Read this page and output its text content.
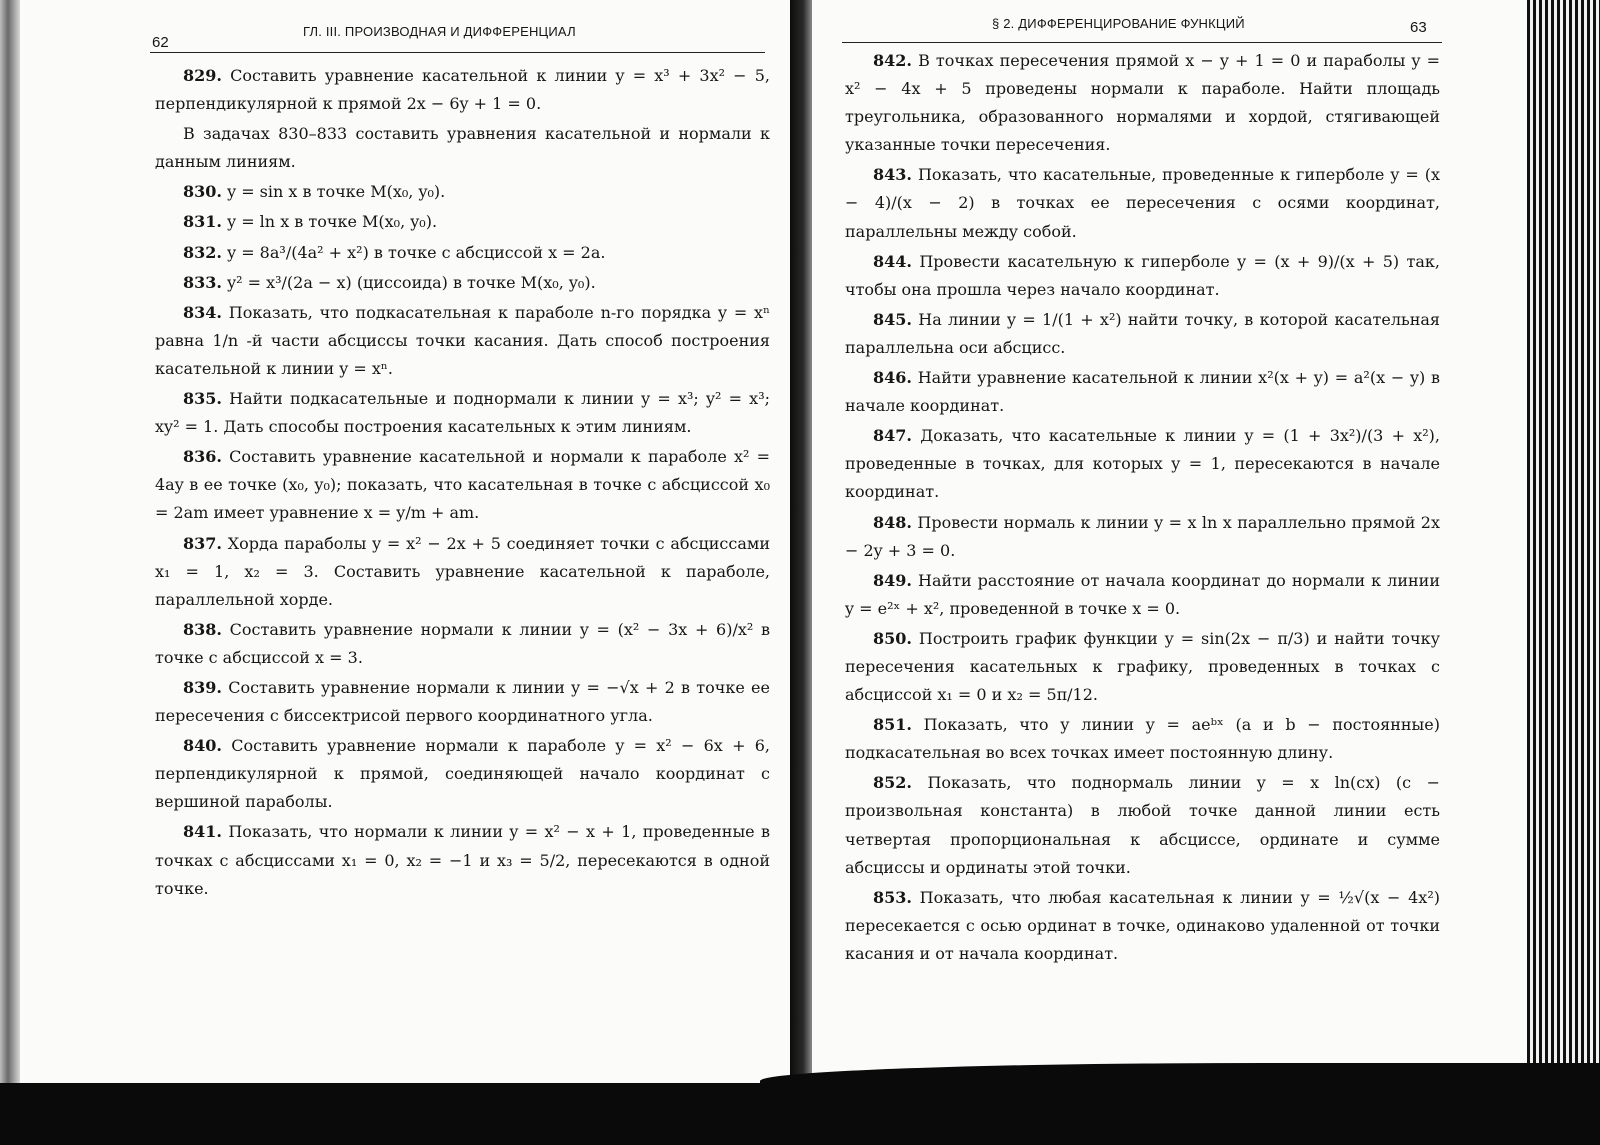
62
ГЛ. III. ПРОИЗВОДНАЯ И ДИФФЕРЕНЦИАЛ

829. Составить уравнение касательной к линии y = x³ + 3x² − 5, перпендикулярной к прямой 2x − 6y + 1 = 0.

В задачах 830–833 составить уравнения касательной и нормали к данным линиям.

830. y = sin x в точке M(x₀, y₀).

831. y = ln x в точке M(x₀, y₀).

832. y = 8a³/(4a² + x²) в точке с абсциссой x = 2a.

833. y² = x³/(2a − x) (циссоида) в точке M(x₀, y₀).

834. Показать, что подкасательная к параболе n-го порядка y = xⁿ равна 1/n -й части абсциссы точки касания. Дать способ построения касательной к линии y = xⁿ.

835. Найти подкасательные и поднормали к линии y = x³; y² = x³; xy² = 1. Дать способы построения касательных к этим линиям.

836. Составить уравнение касательной и нормали к параболе x² = 4ay в ее точке (x₀, y₀); показать, что касательная в точке с абсциссой x₀ = 2am имеет уравнение x = y/m + am.

837. Хорда параболы y = x² − 2x + 5 соединяет точки с абсциссами x₁ = 1, x₂ = 3. Составить уравнение касательной к параболе, параллельной хорде.

838. Составить уравнение нормали к линии y = (x² − 3x + 6)/x² в точке с абсциссой x = 3.

839. Составить уравнение нормали к линии y = −√x + 2 в точке ее пересечения с биссектрисой первого координатного угла.

840. Составить уравнение нормали к параболе y = x² − 6x + 6, перпендикулярной к прямой, соединяющей начало координат с вершиной параболы.

841. Показать, что нормали к линии y = x² − x + 1, проведенные в точках с абсциссами x₁ = 0, x₂ = −1 и x₃ = 5/2, пересекаются в одной точке.

§ 2. ДИФФЕРЕНЦИРОВАНИЕ ФУНКЦИЙ	63

842. В точках пересечения прямой x − y + 1 = 0 и параболы y = x² − 4x + 5 проведены нормали к параболе. Найти площадь треугольника, образованного нормалями и хордой, стягивающей указанные точки пересечения.

843. Показать, что касательные, проведенные к гиперболе y = (x − 4)/(x − 2) в точках ее пересечения с осями координат, параллельны между собой.

844. Провести касательную к гиперболе y = (x + 9)/(x + 5) так, чтобы она прошла через начало координат.

845. На линии y = 1/(1 + x²) найти точку, в которой касательная параллельна оси абсцисс.

846. Найти уравнение касательной к линии x²(x + y) = a²(x − y) в начале координат.

847. Доказать, что касательные к линии y = (1 + 3x²)/(3 + x²), проведенные в точках, для которых y = 1, пересекаются в начале координат.

848. Провести нормаль к линии y = x ln x параллельно прямой 2x − 2y + 3 = 0.

849. Найти расстояние от начала координат до нормали к линии y = e²ˣ + x², проведенной в точке x = 0.

850. Построить график функции y = sin(2x − π/3) и найти точку пересечения касательных к графику, проведенных в точках с абсциссой x₁ = 0 и x₂ = 5π/12.

851. Показать, что у линии y = aeᵇˣ (a и b − постоянные) подкасательная во всех точках имеет постоянную длину.

852. Показать, что поднормаль линии y = x ln(cx) (c − произвольная константа) в любой точке данной линии есть четвертая пропорциональная к абсциссе, ординате и сумме абсциссы и ординаты этой точки.

853. Показать, что любая касательная к линии y = ½√(x − 4x²) пересекается с осью ординат в точке, одинаково удаленной от точки касания и от начала координат.
